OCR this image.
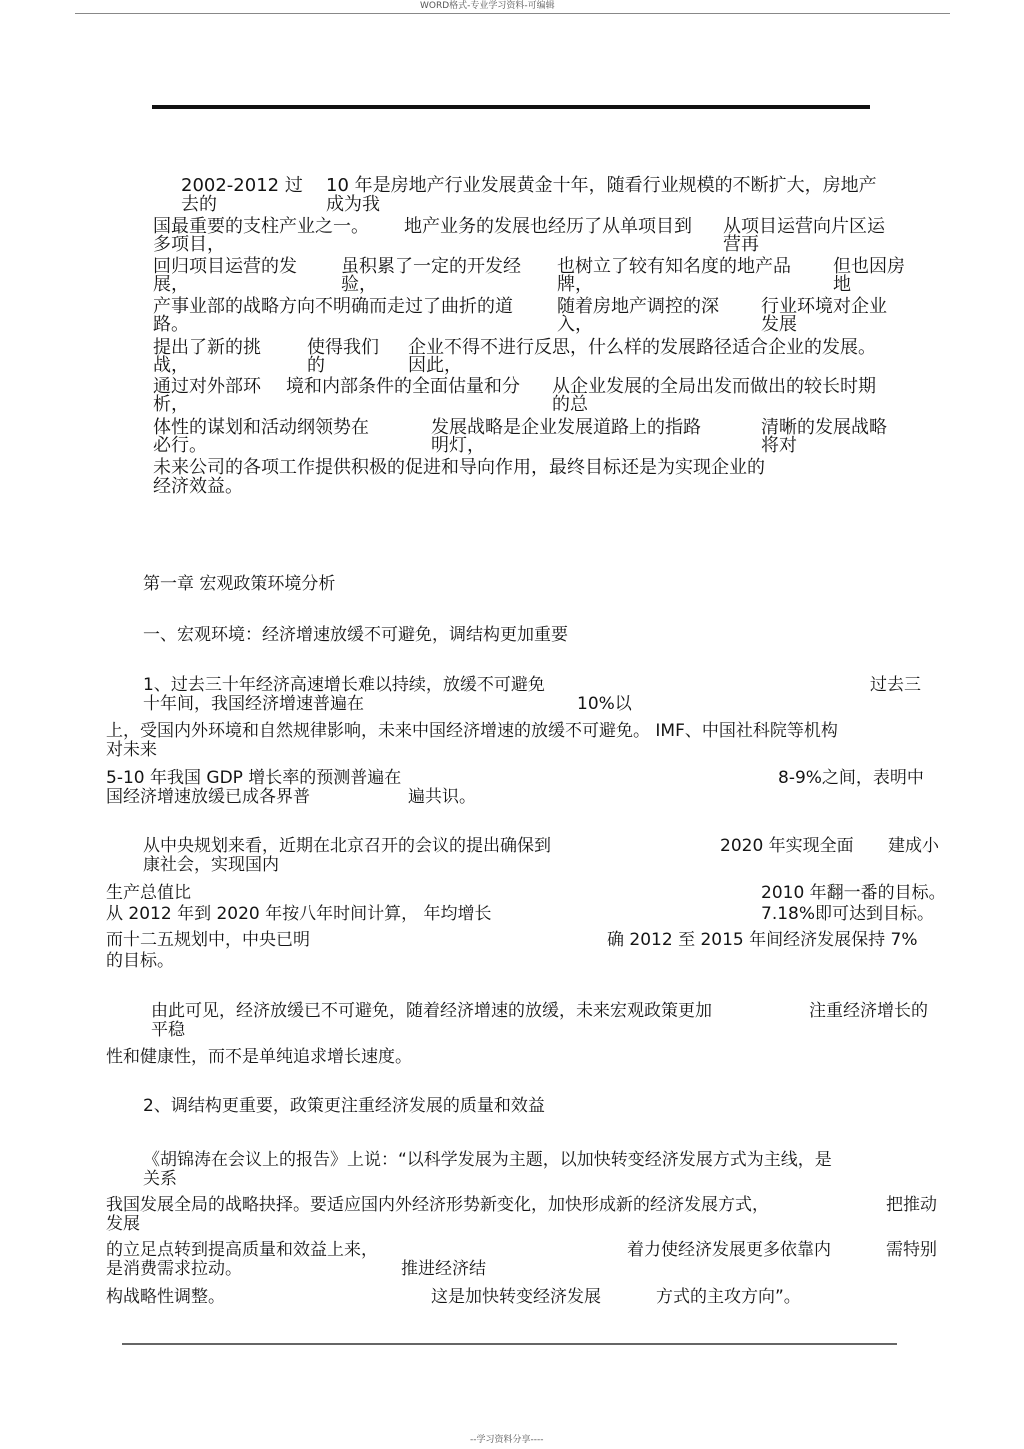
WORD格式-专业学习资料-可编辑
2002-2012 过 10 年是房地产行业发展黄金十年，随看行业规模的不断扩大，房地产
去的	成为我
国最重要的支柱产业之一。 地产业务的发展也经历了从单项目到 从项目运营向片区运
多项目，	营再
回归项目运营的发 虽积累了一定的开发经 也树立了较有知名度的地产品 但也因房
展，	验，	牌，	地
产事业部的战略方向不明确而走过了曲折的道 随着房地产调控的深 行业环境对企业
路。	入，	发展
提出了新的挑	使得我们 企业不得不进行反思，什么样的发展路径适合企业的发展。
战，	的	因此，
通过对外部环 境和内部条件的全面估量和分 从企业发展的全局出发而做出的较长时期
析，	的总
体性的谋划和活动纲领势在	发展战略是企业发展道路上的指路	清晰的发展战略
必行。	明灯，	将对
未来公司的各项工作提供积极的促进和导向作用，最终目标还是为实现企业的
经济效益。
第一章 宏观政策环境分析
一、宏观环境：经济增速放缓不可避免，调结构更加重要
1、过去三十年经济高速增长难以持续，放缓不可避免	过去三
十年间，我国经济增速普遍在	10%以
上，受国内外环境和自然规律影响，未来中国经济增速的放缓不可避免。 IMF、中国社科院等机构
对未来
5-10 年我国 GDP 增长率的预测普遍在	8-9%之间，表明中
国经济增速放缓已成各界普	遍共识。
从中央规划来看，近期在北京召开的会议的提出确保到	2020 年实现全面 建成小
康社会，实现国内
生产总值比	2010 年翻一番的目标。
从 2012 年到 2020 年按八年时间计算， 年均增长	7.18%即可达到目标。
而十二五规划中，中央已明	确 2012 至 2015 年间经济发展保持 7%
的目标。
由此可见，经济放缓已不可避免，随着经济增速的放缓，未来宏观政策更加	注重经济增长的
平稳
性和健康性，而不是单纯追求增长速度。
2、调结构更重要，政策更注重经济发展的质量和效益
《胡锦涛在会议上的报告》上说：“以科学发展为主题，以加快转变经济发展方式为主线，是
关系
我国发展全局的战略抉择。要适应国内外经济形势新变化，加快形成新的经济发展方式，	把推动
发展
的立足点转到提高质量和效益上来，	着力使经济发展更多依靠内	需特别
是消费需求拉动。	推进经济结
构战略性调整。	这是加快转变经济发展	方式的主攻方向”。
--学习资料分享----
